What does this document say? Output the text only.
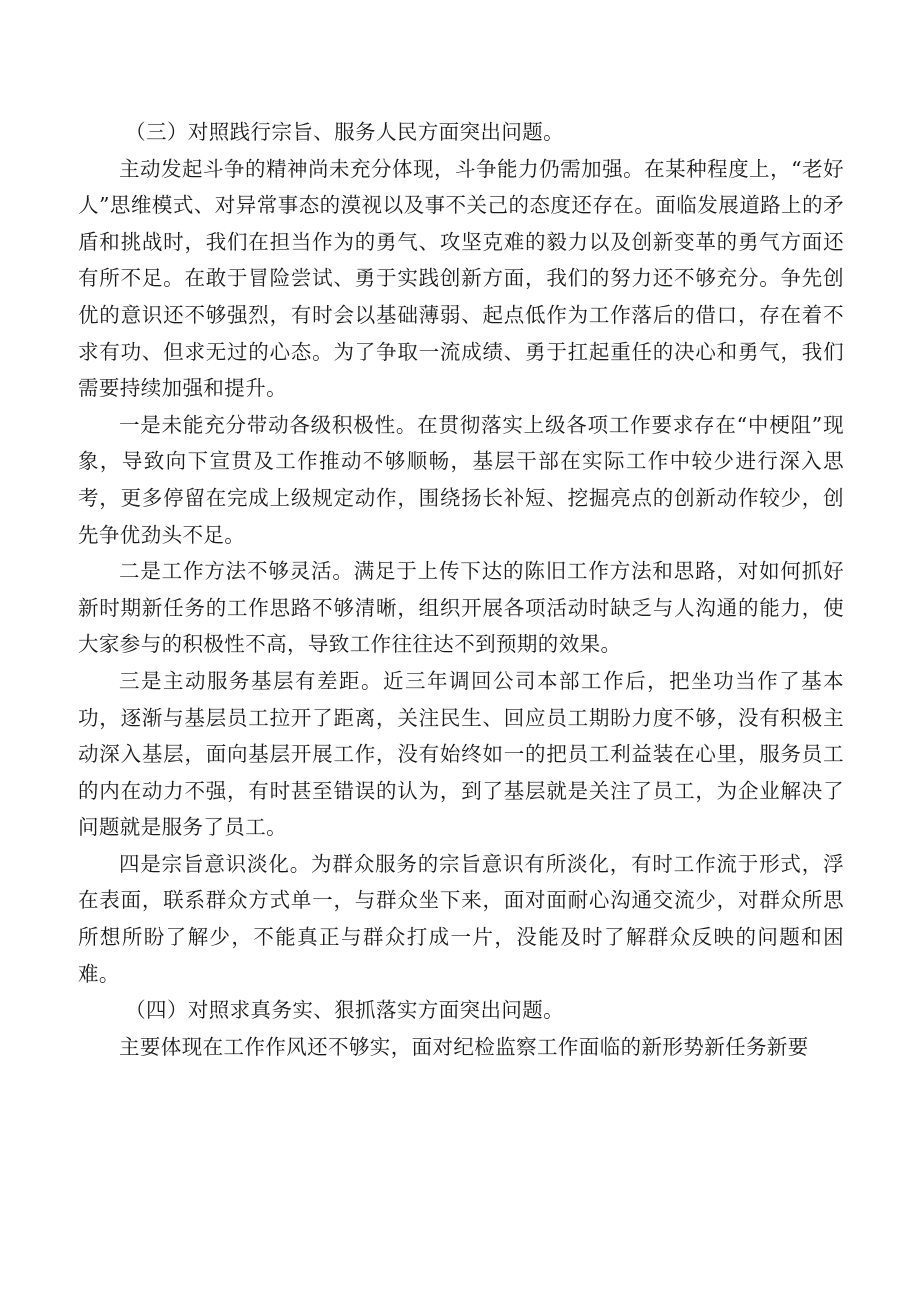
（三）对照践行宗旨、服务人民方面突出问题。

主动发起斗争的精神尚未充分体现，斗争能力仍需加强。在某种程度上，“老好人”思维模式、对异常事态的漠视以及事不关己的态度还存在。面临发展道路上的矛盾和挑战时，我们在担当作为的勇气、攻坚克难的毅力以及创新变革的勇气方面还有所不足。在敢于冒险尝试、勇于实践创新方面，我们的努力还不够充分。争先创优的意识还不够强烈，有时会以基础薄弱、起点低作为工作落后的借口，存在着不求有功、但求无过的心态。为了争取一流成绩、勇于扛起重任的决心和勇气，我们需要持续加强和提升。

一是未能充分带动各级积极性。在贯彻落实上级各项工作要求存在“中梗阻”现象，导致向下宣贯及工作推动不够顺畅，基层干部在实际工作中较少进行深入思考，更多停留在完成上级规定动作，围绕扬长补短、挖掘亮点的创新动作较少，创先争优劲头不足。

二是工作方法不够灵活。满足于上传下达的陈旧工作方法和思路，对如何抓好新时期新任务的工作思路不够清晰，组织开展各项活动时缺乏与人沟通的能力，使大家参与的积极性不高，导致工作往往达不到预期的效果。

三是主动服务基层有差距。近三年调回公司本部工作后，把坐功当作了基本功，逐渐与基层员工拉开了距离，关注民生、回应员工期盼力度不够，没有积极主动深入基层，面向基层开展工作，没有始终如一的把员工利益装在心里，服务员工的内在动力不强，有时甚至错误的认为，到了基层就是关注了员工，为企业解决了问题就是服务了员工。

四是宗旨意识淡化。为群众服务的宗旨意识有所淡化，有时工作流于形式，浮在表面，联系群众方式单一，与群众坐下来，面对面耐心沟通交流少，对群众所思所想所盼了解少，不能真正与群众打成一片，没能及时了解群众反映的问题和困难。

（四）对照求真务实、狠抓落实方面突出问题。

主要体现在工作作风还不够实，面对纪检监察工作面临的新形势新任务新要
